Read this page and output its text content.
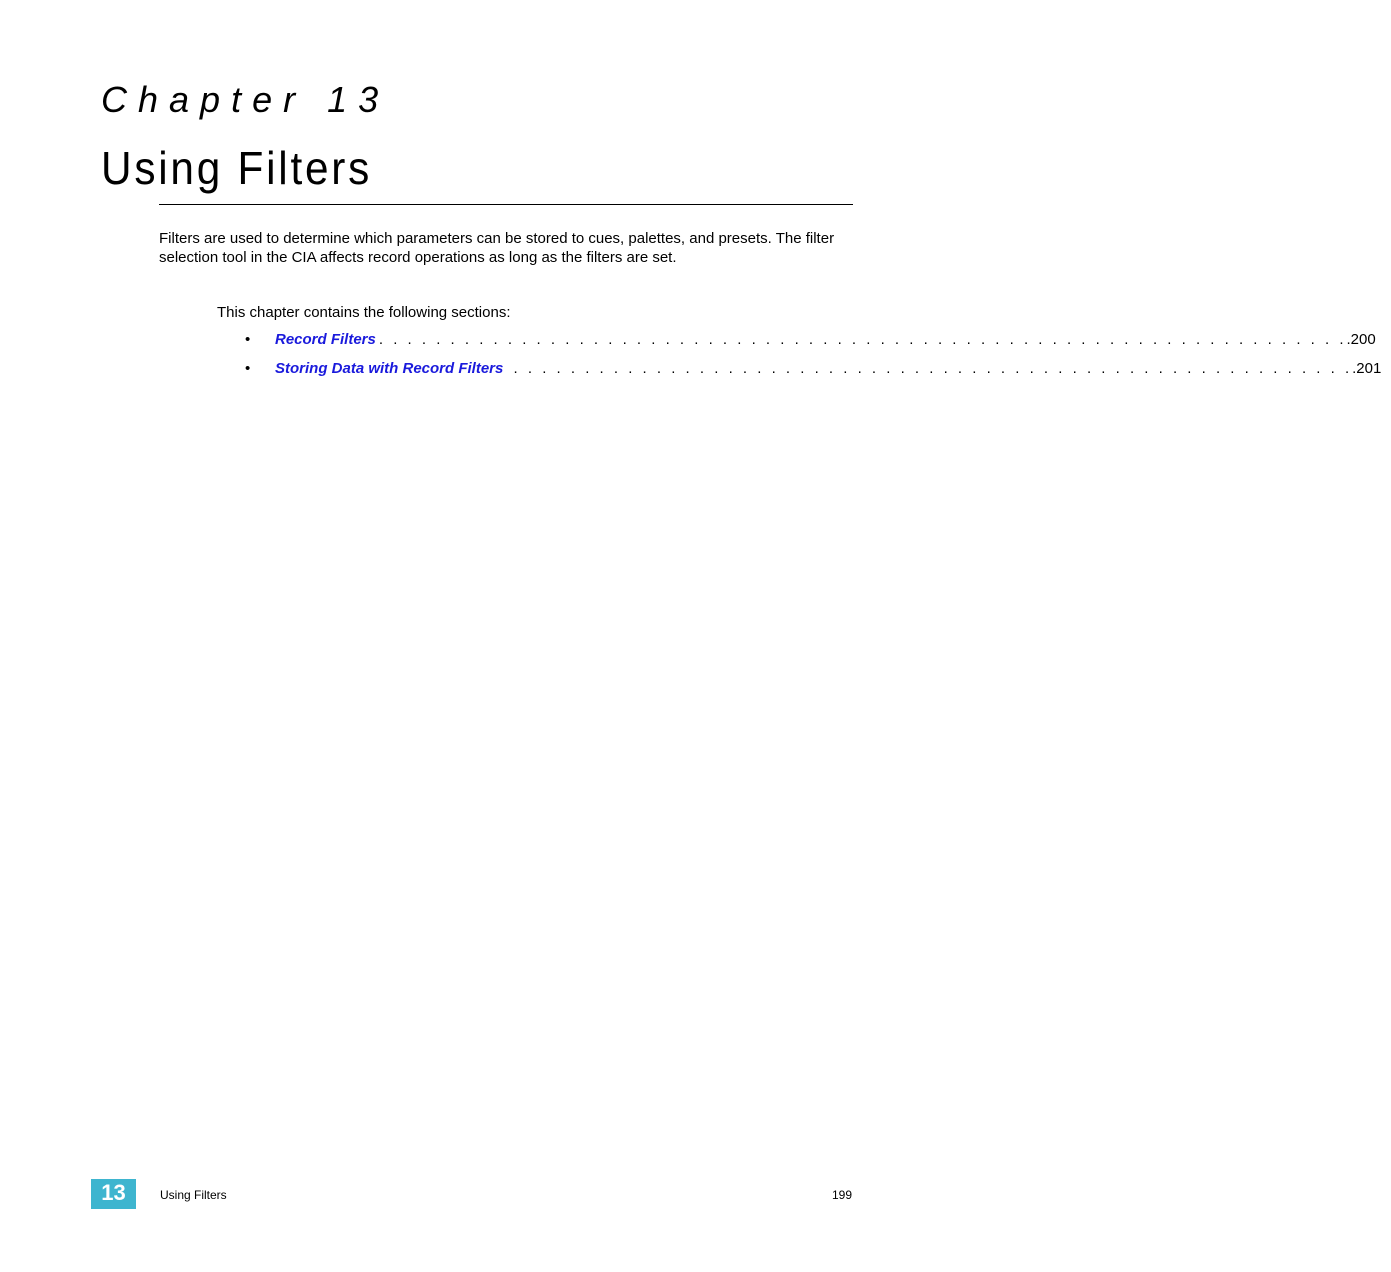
Chapter 13
Using Filters

Filters are used to determine which parameters can be stored to cues, palettes, and presets. The filter selection tool in the CIA affects record operations as long as the filters are set.

This chapter contains the following sections:

•	Record Filters . . . . . . . . . . . . . . . . . . . . . . . . . . . . . . . . . . . . . . . . . . . . . . . . . . . . . . . . . . . . . . . . . . . . .200
•	Storing Data with Record Filters . . . . . . . . . . . . . . . . . . . . . . . . . . . . . . . . . . . . . . . . . . . . . . . . . . . . . . . . . . . .201
13	Using Filters	199
